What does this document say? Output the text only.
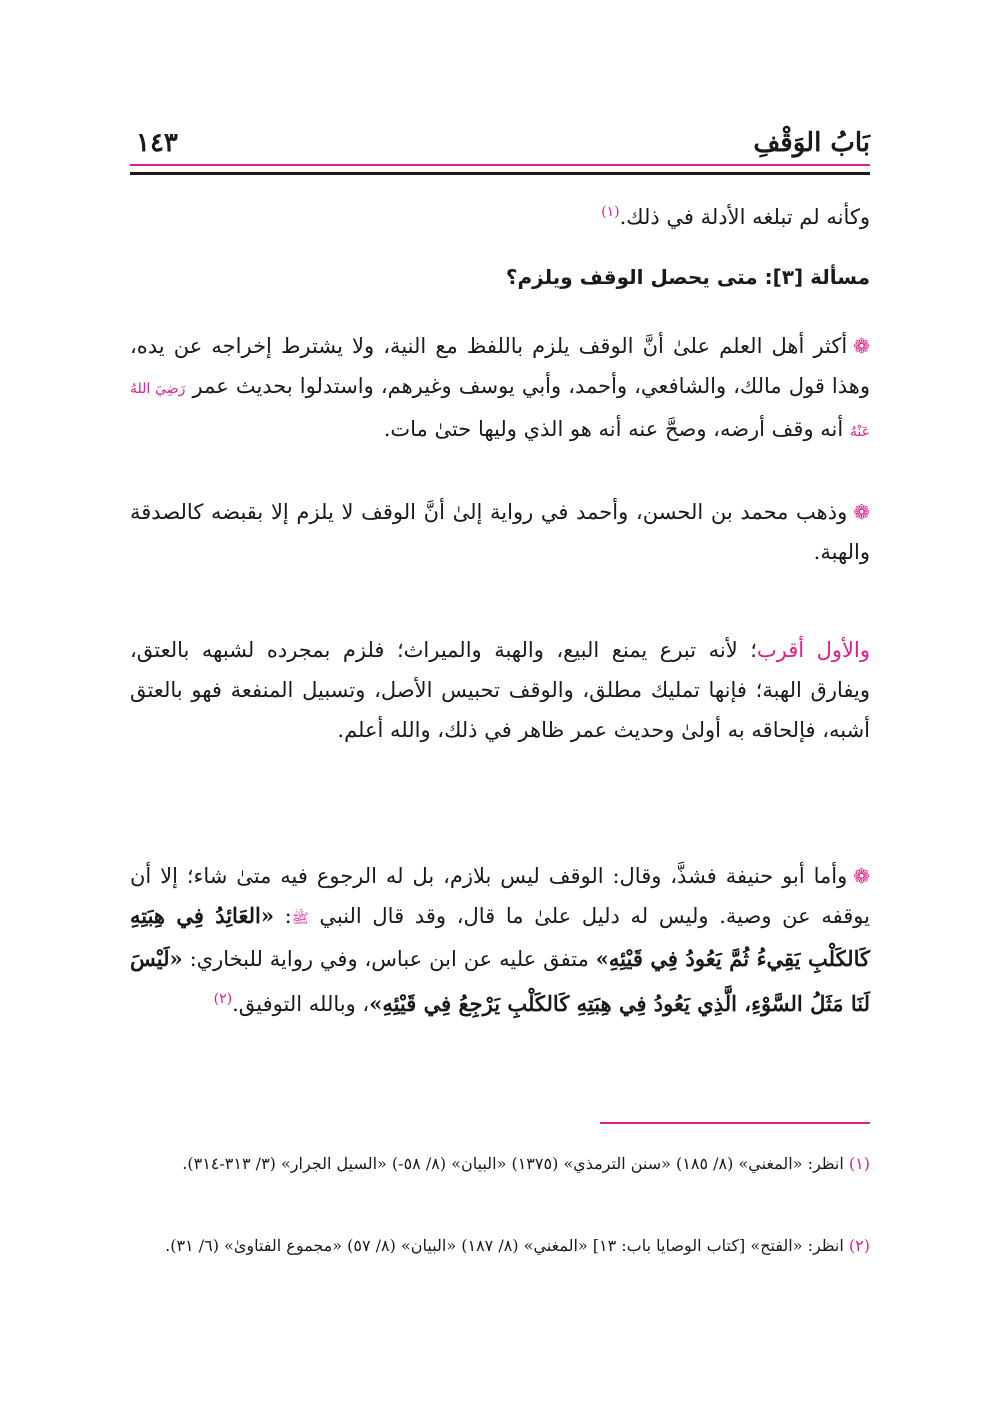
بَابُ الوَقْفِ
١٤٣
وكأنه لم تبلغه الأدلة في ذلك.$^{(١)}$
مسألة [٣]: متى يحصل الوقف ويلزم؟
❁أكثر أهل العلم علىٰ أنَّ الوقف يلزم باللفظ مع النية، ولا يشترط إخراجه عن يده، وهذا قول مالك، والشافعي، وأحمد، وأبي يوسف وغيرهم، واستدلوا بحديث عمر رَضِيَ اللهُ عَنْهُ أنه وقف أرضه، وصحَّ عنه أنه هو الذي وليها حتىٰ مات.
❁وذهب محمد بن الحسن، وأحمد في رواية إلىٰ أنَّ الوقف لا يلزم إلا بقبضه كالصدقة والهبة.
والأول أقرب؛ لأنه تبرع يمنع البيع، والهبة والميراث؛ فلزم بمجرده لشبهه بالعتق، ويفارق الهبة؛ فإنها تمليك مطلق، والوقف تحبيس الأصل، وتسبيل المنفعة فهو بالعتق أشبه، فإلحاقه به أولىٰ وحديث عمر ظاهر في ذلك، والله أعلم.
❁وأما أبو حنيفة فشذَّ، وقال: الوقف ليس بلازم، بل له الرجوع فيه متىٰ شاء؛ إلا أن يوقفه عن وصية. وليس له دليل علىٰ ما قال، وقد قال النبي ﷺ: «العَائِدُ فِي هِبَتِهِ كَالكَلْبِ يَقِيءُ ثُمَّ يَعُودُ فِي قَيْئِهِ» متفق عليه عن ابن عباس، وفي رواية للبخاري: «لَيْسَ لَنَا مَثَلُ السَّوْءِ، الَّذِي يَعُودُ فِي هِبَتِهِ كَالكَلْبِ يَرْجِعُ فِي قَيْئِهِ»، وبالله التوفيق.$^{(٢)}$
(١) انظر: «المغني» (٨/ ١٨٥) «سنن الترمذي» (١٣٧٥) «البيان» (٨/ ٥٨-) «السيل الجرار» (٣/ ٣١٣-٣١٤).
(٢) انظر: «الفتح» [كتاب الوصايا باب: ١٣] «المغني» (٨/ ١٨٧) «البيان» (٨/ ٥٧) «مجموع الفتاوىٰ» (٦/ ٣١).
